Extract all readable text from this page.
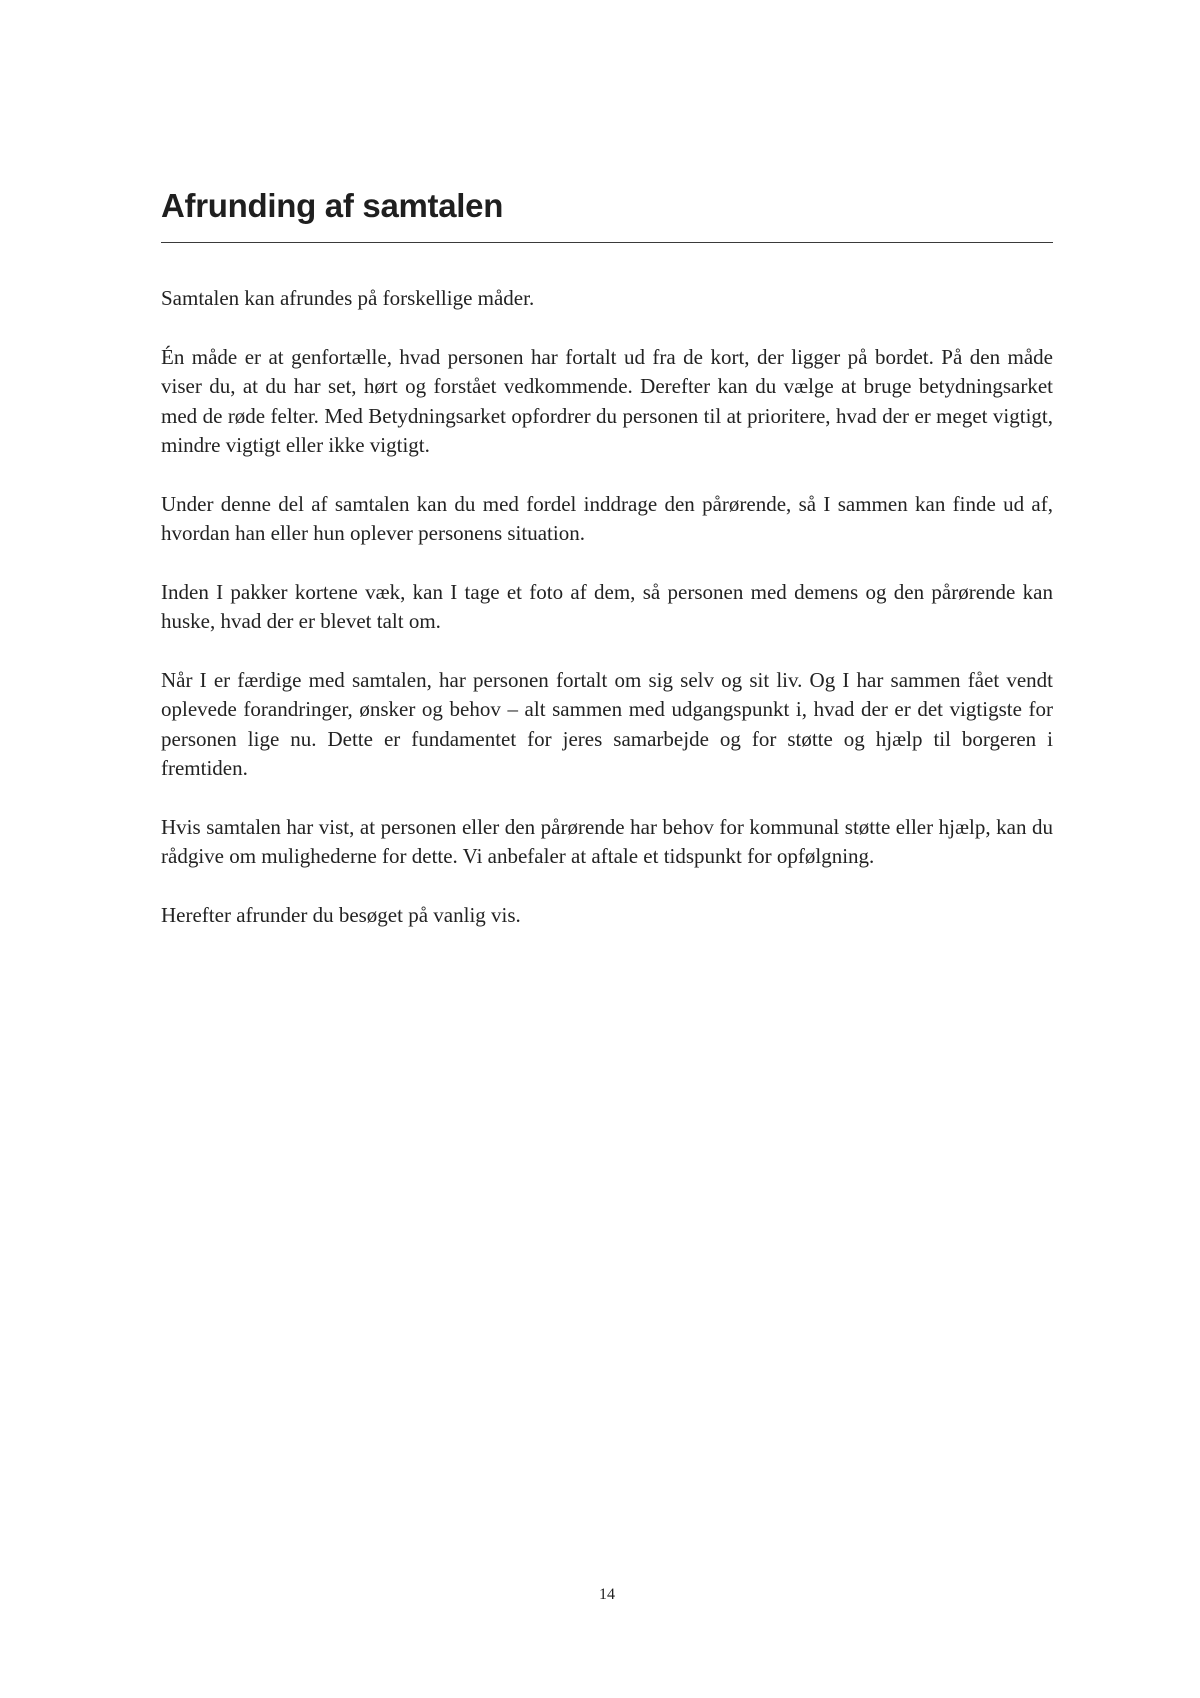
Afrunding af samtalen

Samtalen kan afrundes på forskellige måder.

Én måde er at genfortælle, hvad personen har fortalt ud fra de kort, der ligger på bordet. På den måde viser du, at du har set, hørt og forstået vedkommende. Derefter kan du vælge at bruge betydningsarket med de røde felter. Med Betydningsarket opfordrer du personen til at prioritere, hvad der er meget vigtigt, mindre vigtigt eller ikke vigtigt.

Under denne del af samtalen kan du med fordel inddrage den pårørende, så I sammen kan finde ud af, hvordan han eller hun oplever personens situation.

Inden I pakker kortene væk, kan I tage et foto af dem, så personen med demens og den pårørende kan huske, hvad der er blevet talt om.

Når I er færdige med samtalen, har personen fortalt om sig selv og sit liv. Og I har sammen fået vendt oplevede forandringer, ønsker og behov – alt sammen med udgangspunkt i, hvad der er det vigtigste for personen lige nu. Dette er fundamentet for jeres samarbejde og for støtte og hjælp til borgeren i fremtiden.

Hvis samtalen har vist, at personen eller den pårørende har behov for kommunal støtte eller hjælp, kan du rådgive om mulighederne for dette. Vi anbefaler at aftale et tidspunkt for opfølgning.

Herefter afrunder du besøget på vanlig vis.

14
